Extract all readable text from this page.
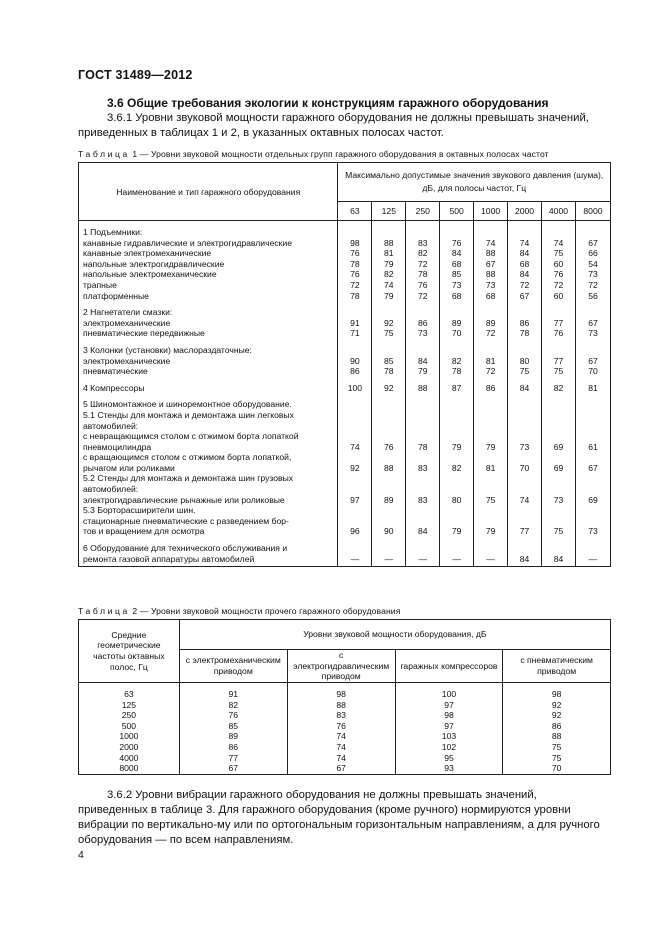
ГОСТ 31489—2012
3.6 Общие требования экологии к конструкциям гаражного оборудования
3.6.1 Уровни звуковой мощности гаражного оборудования не должны превышать значений, приведенных в таблицах 1 и 2, в указанных октавных полосах частот.
Таблица 1 — Уровни звуковой мощности отдельных групп гаражного оборудования в октавных полосах частот
Наименование и тип гаражного оборудования	Максимально допустимые значения звукового давления (шума), дБ, для полосы частот, Гц							
	63	125	250	500	1000	2000	4000	8000

1 Подъемники:								
канавные гидравлические и электрогидравлические	98	88	83	76	74	74	74	67
канавные электромеханические	76	81	82	84	88	84	75	66
напольные электрогидравлические	78	79	72	68	67	68	60	54
напольные электромеханические	76	82	78	85	88	84	76	73
трапные	72	74	76	73	73	72	72	72
платформенные	78	79	72	68	68	67	60	56

2 Нагнетатели смазки:								
электромеханические	91	92	86	89	89	86	77	67
пневматические передвижные	71	75	73	70	72	78	76	73

3 Колонки (установки) маслораздаточные:								
электромеханические	90	85	84	82	81	80	77	67
пневматические	86	78	79	78	72	75	75	70

4 Компрессоры	100	92	88	87	86	84	82	81

5 Шиномонтажное и шиноремонтное оборудование.								
5.1 Стенды для монтажа и демонтажа шин легковых								
автомобилей:								
с невращающимся столом с отжимом борта лопаткой								
пневмоцилиндра	74	76	78	79	79	73	69	61
с вращающимся столом с отжимом борта лопаткой,								
рычагом или роликами	92	88	83	82	81	70	69	67
5.2 Стенды для монтажа и демонтажа шин грузовых								
автомобилей:								
электрогидравлические рычажные или роликовые	97	89	83	80	75	74	73	69
5.3 Борторасширители шин.								
стационарные пневматические с разведением бор-								
тов и вращением для осмотра	96	90	84	79	79	77	75	73

6 Оборудование для технического обслуживания и								
ремонта газовой аппаратуры автомобилей	—	—	—	—	—	84	84	—
Таблица 2 — Уровни звуковой мощности прочего гаражного оборудования
Средние геометрические частоты октавных полос, Гц	Уровни звуковой мощности оборудования, дБ			
	с электромеханическим приводом	с электрогидравлическим приводом	гаражных компрессоров	с пневматическим приводом

63	91	98	100	98
125	82	88	97	92
250	76	83	98	92
500	85	76	97	86
1000	89	74	103	88
2000	86	74	102	75
4000	77	74	95	75
8000	67	67	93	70
3.6.2 Уровни вибрации гаражного оборудования не должны превышать значений, приведенных в таблице 3. Для гаражного оборудования (кроме ручного) нормируются уровни вибрации по вертикально-му или по ортогональным горизонтальным направлениям, а для ручного оборудования — по всем направлениям.
4
